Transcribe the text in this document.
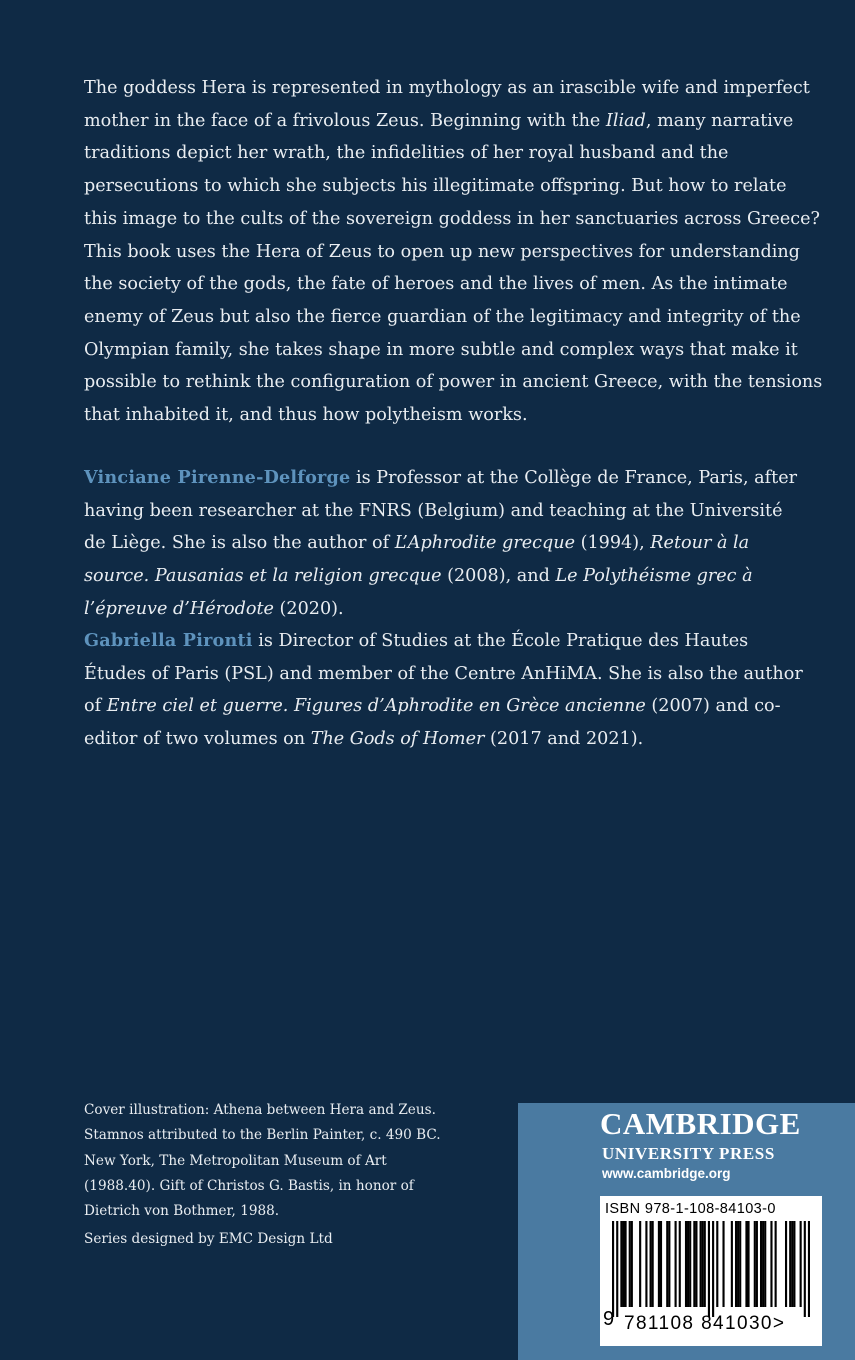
The goddess Hera is represented in mythology as an irascible wife and imperfect mother in the face of a frivolous Zeus. Beginning with the Iliad, many narrative traditions depict her wrath, the infidelities of her royal husband and the persecutions to which she subjects his illegitimate offspring. But how to relate this image to the cults of the sovereign goddess in her sanctuaries across Greece? This book uses the Hera of Zeus to open up new perspectives for understanding the society of the gods, the fate of heroes and the lives of men. As the intimate enemy of Zeus but also the fierce guardian of the legitimacy and integrity of the Olympian family, she takes shape in more subtle and complex ways that make it possible to rethink the configuration of power in ancient Greece, with the tensions that inhabited it, and thus how polytheism works.

Vinciane Pirenne-Delforge is Professor at the Collège de France, Paris, after having been researcher at the FNRS (Belgium) and teaching at the Université de Liège. She is also the author of L’Aphrodite grecque (1994), Retour à la source. Pausanias et la religion grecque (2008), and Le Polythéisme grec à l’épreuve d’Hérodote (2020).

Gabriella Pironti is Director of Studies at the École Pratique des Hautes Études of Paris (PSL) and member of the Centre AnHiMA. She is also the author of Entre ciel et guerre. Figures d’Aphrodite en Grèce ancienne (2007) and co-editor of two volumes on The Gods of Homer (2017 and 2021).

Cover illustration: Athena between Hera and Zeus.
Stamnos attributed to the Berlin Painter, c. 490 BC.
New York, The Metropolitan Museum of Art
(1988.40). Gift of Christos G. Bastis, in honor of
Dietrich von Bothmer, 1988.
Series designed by EMC Design Ltd
CAMBRIDGE
UNIVERSITY PRESS
www.cambridge.org
ISBN 978-1-108-84103-0
9 781108 841030>
